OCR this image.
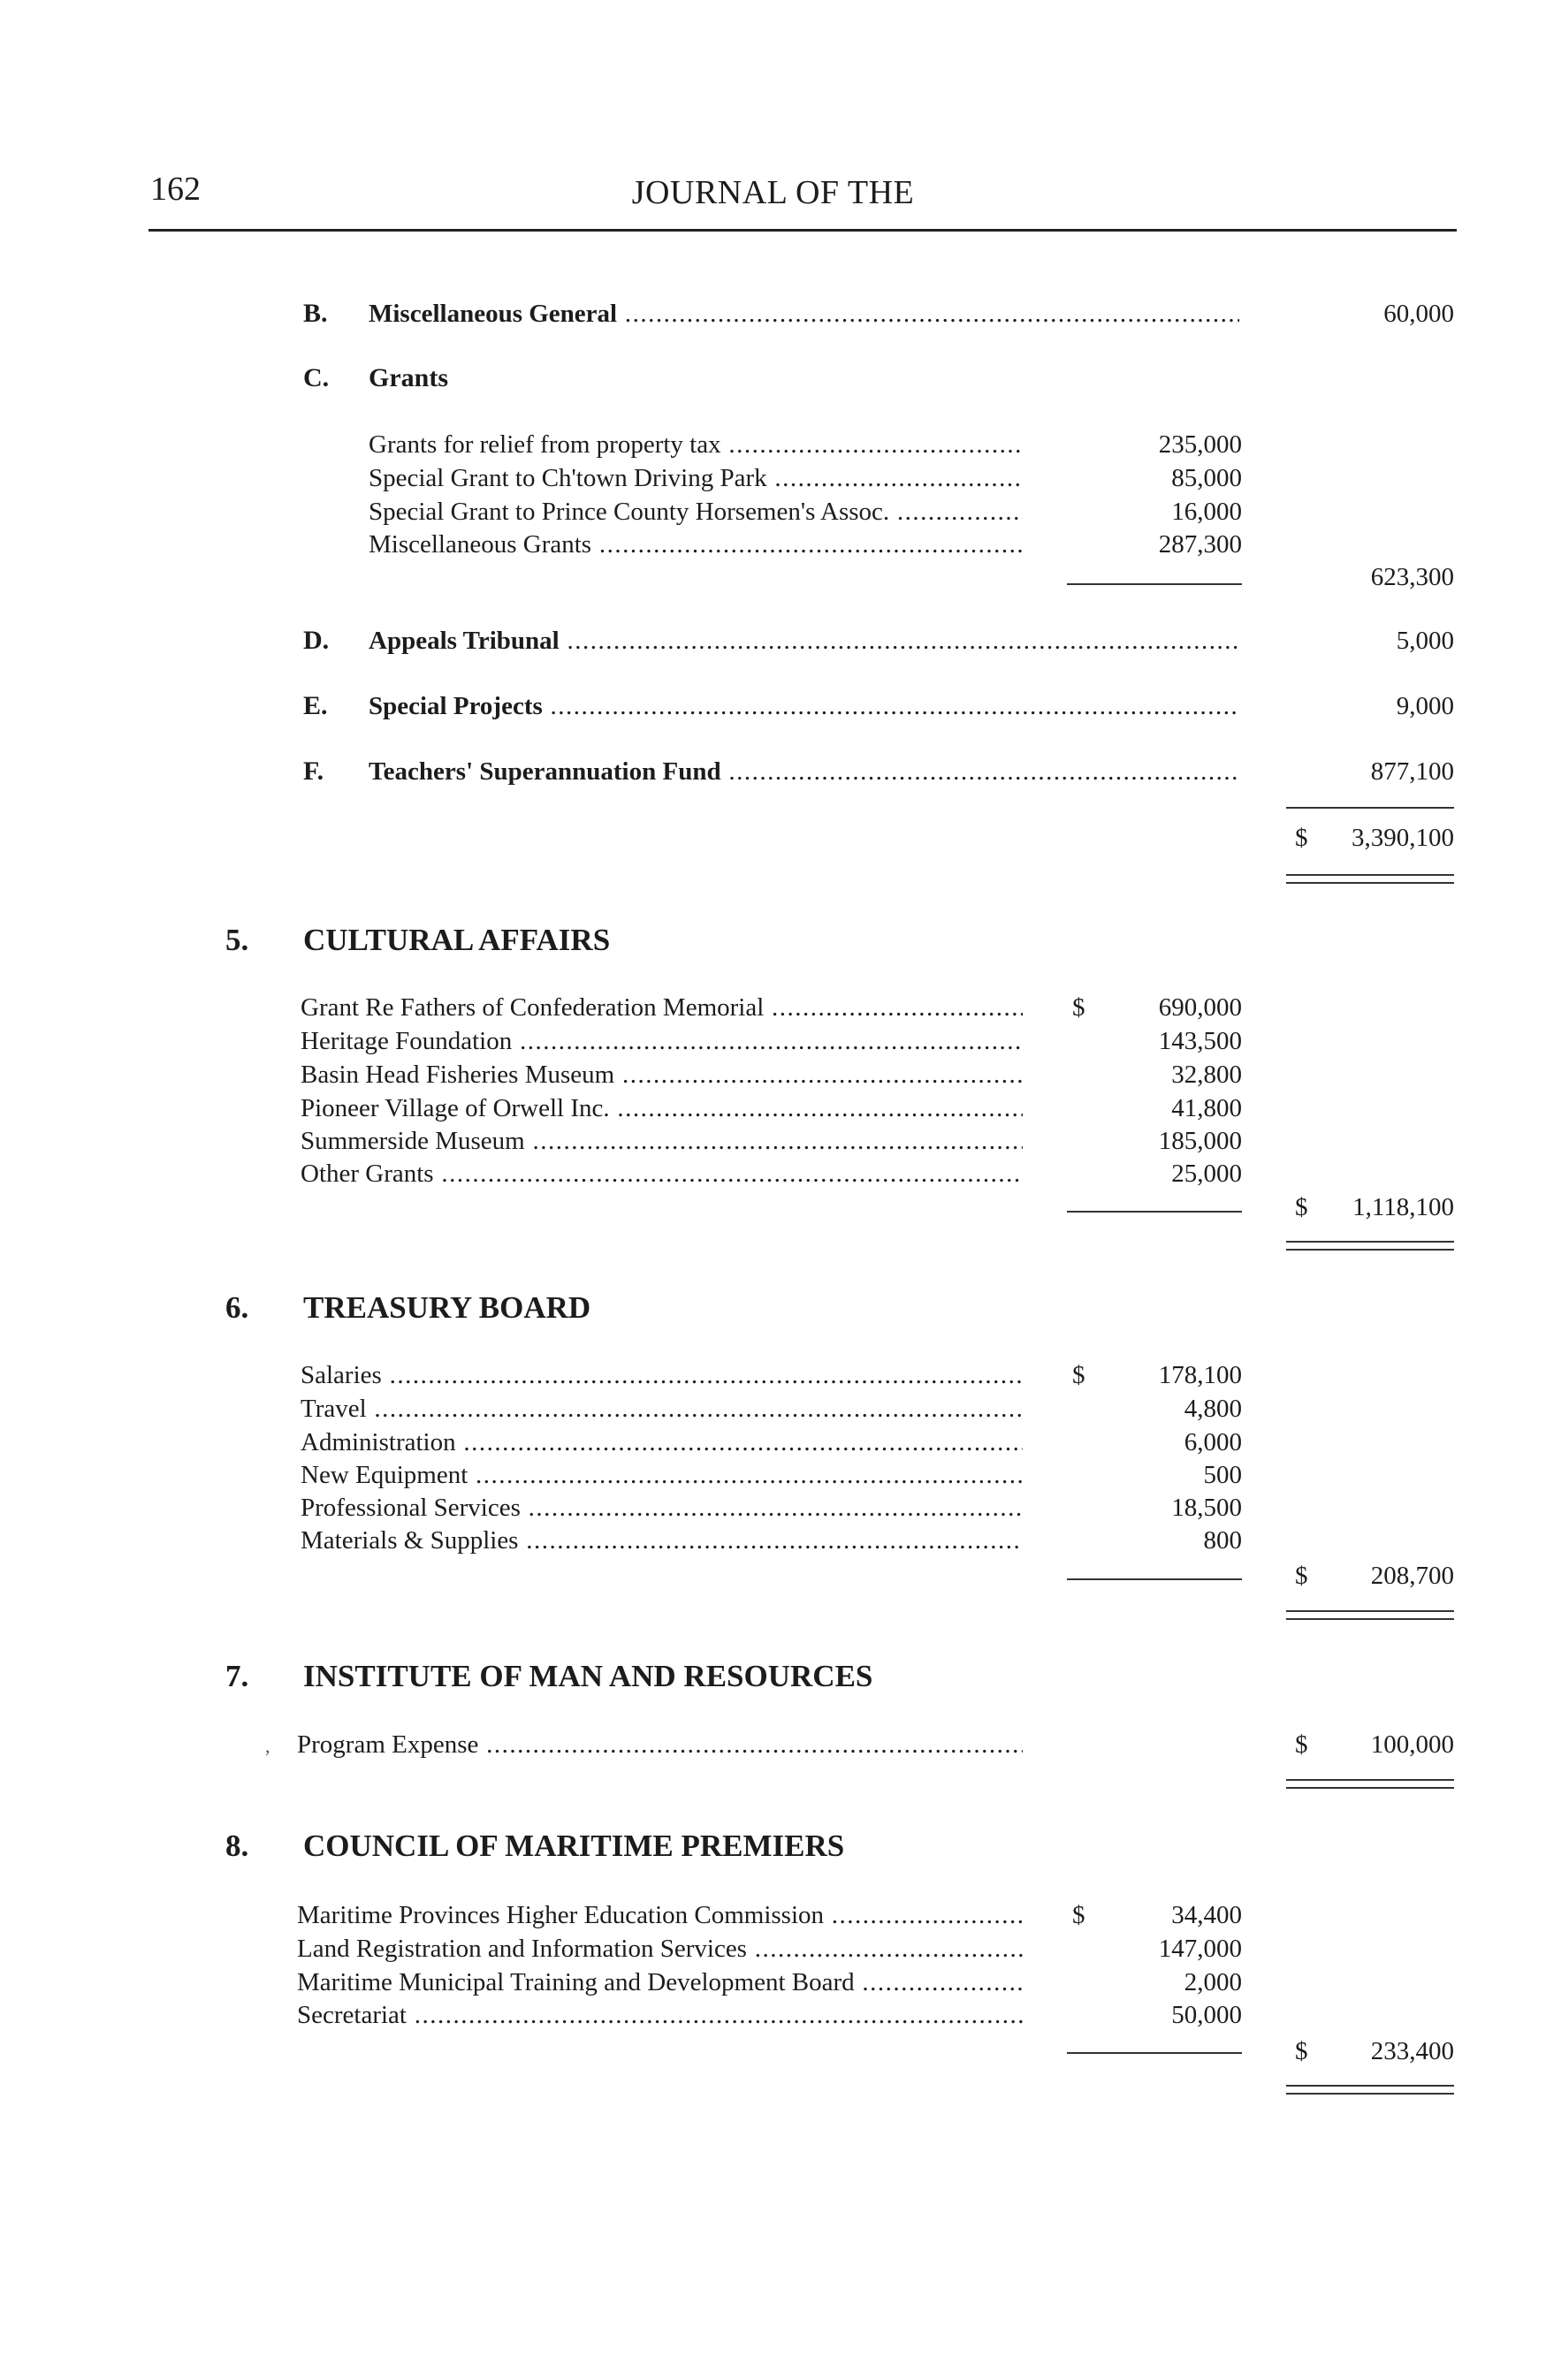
162	JOURNAL OF THE
B. Miscellaneous General .....	60,000
C. Grants
Grants for relief from property tax .....	235,000
Special Grant to Ch'town Driving Park .....	85,000
Special Grant to Prince County Horsemen's Assoc. .....	16,000
Miscellaneous Grants .....	287,300
623,300
D. Appeals Tribunal .....	5,000
E. Special Projects .....	9,000
F. Teachers' Superannuation Fund .....	877,100
$	3,390,100
5. CULTURAL AFFAIRS
Grant Re Fathers of Confederation Memorial .....	$	690,000
Heritage Foundation .....	143,500
Basin Head Fisheries Museum .....	32,800
Pioneer Village of Orwell Inc. .....	41,800
Summerside Museum .....	185,000
Other Grants .....	25,000
$	1,118,100
6. TREASURY BOARD
Salaries .....	$	178,100
Travel .....	4,800
Administration .....	6,000
New Equipment .....	500
Professional Services .....	18,500
Materials & Supplies .....	800
$	208,700
7. INSTITUTE OF MAN AND RESOURCES
, Program Expense .....	$	100,000
8. COUNCIL OF MARITIME PREMIERS
Maritime Provinces Higher Education Commission .....	$	34,400
Land Registration and Information Services .....	147,000
Maritime Municipal Training and Development Board .....	2,000
Secretariat .....	50,000
$	233,400
